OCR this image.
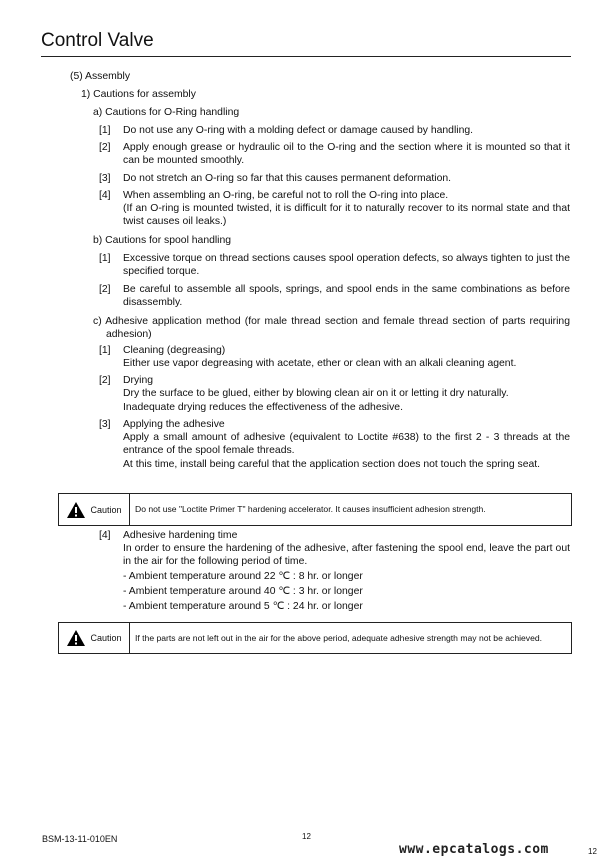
Control Valve
(5) Assembly
1) Cautions for assembly
a) Cautions for O-Ring handling
[1] Do not use any O-ring with a molding defect or damage caused by handling.
[2] Apply enough grease or hydraulic oil to the O-ring and the section where it is mounted so that it can be mounted smoothly.
[3] Do not stretch an O-ring so far that this causes permanent deformation.
[4] When assembling an O-ring, be careful not to roll the O-ring into place.
(If an O-ring is mounted twisted, it is difficult for it to naturally recover to its normal state and that twist causes oil leaks.)
b) Cautions for spool handling
[1] Excessive torque on thread sections causes spool operation defects, so always tighten to just the specified torque.
[2] Be careful to assemble all spools, springs, and spool ends in the same combinations as before disassembly.
c) Adhesive application method (for male thread section and female thread section of parts requiring adhesion)
[1] Cleaning (degreasing)
Either use vapor degreasing with acetate, ether or clean with an alkali cleaning agent.
[2] Drying
Dry the surface to be glued, either by blowing clean air on it or letting it dry naturally.
Inadequate drying reduces the effectiveness of the adhesive.
[3] Applying the adhesive
Apply a small amount of adhesive (equivalent to Loctite #638) to the first 2 - 3 threads at the entrance of the spool female threads.
At this time, install being careful that the application section does not touch the spring seat.
Caution	Do not use "Loctite Primer T" hardening accelerator. It causes insufficient adhesion strength.
[4] Adhesive hardening time
In order to ensure the hardening of the adhesive, after fastening the spool end, leave the part out in the air for the following period of time.
- Ambient temperature around 22 ℃ : 8 hr. or longer
- Ambient temperature around 40 ℃ : 3 hr. or longer
- Ambient temperature around 5 ℃ : 24 hr. or longer
Caution	If the parts are not left out in the air for the above period, adequate adhesive strength may not be achieved.
BSM-13-11-010EN	12
www.epcatalogs.com	12
